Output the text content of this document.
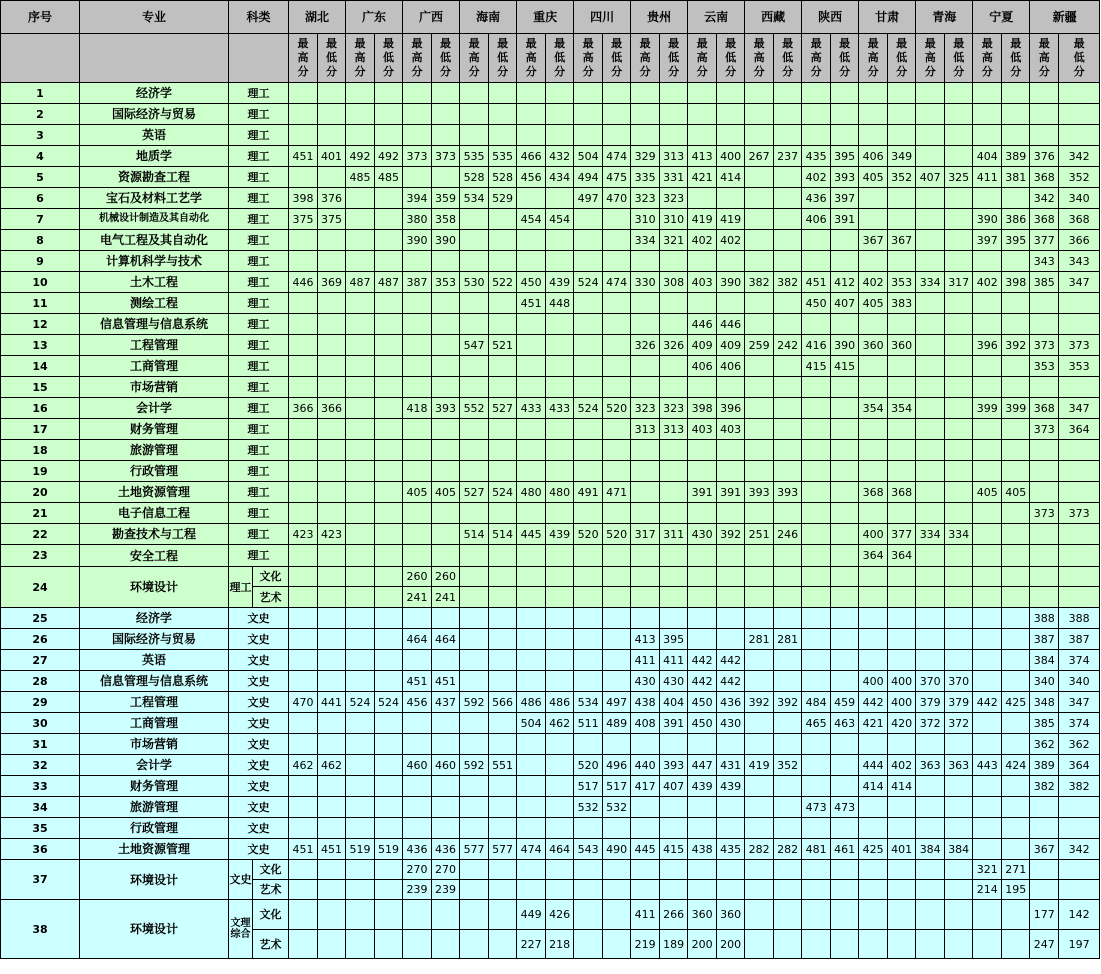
序号	专业	科类		湖北		广东		广西		海南		重庆		四川		贵州		云南		西藏		陕西		甘肃		青海		宁夏		新疆	
				最
高
分	最
低
分	最
高
分	最
低
分	最
高
分	最
低
分	最
高
分	最
低
分	最
高
分	最
低
分	最
高
分	最
低
分	最
高
分	最
低
分	最
高
分	最
低
分	最
高
分	最
低
分	最
高
分	最
低
分	最
高
分	最
低
分	最
高
分	最
低
分	最
高
分	最
低
分	最
高
分	最
低
分
1	经济学	理工																													
2	国际经济与贸易	理工																													
3	英语	理工																													
4	地质学	理工		451	401	492	492	373	373	535	535	466	432	504	474	329	313	413	400	267	237	435	395	406	349			404	389	376	342
5	资源勘查工程	理工				485	485			528	528	456	434	494	475	335	331	421	414			402	393	405	352	407	325	411	381	368	352
6	宝石及材料工艺学	理工		398	376			394	359	534	529			497	470	323	323					436	397							342	340
7	机械设计制造及其自动化	理工		375	375			380	358			454	454			310	310	419	419			406	391					390	386	368	368
8	电气工程及其自动化	理工						390	390							334	321	402	402					367	367			397	395	377	366
9	计算机科学与技术	理工																												343	343
10	土木工程	理工		446	369	487	487	387	353	530	522	450	439	524	474	330	308	403	390	382	382	451	412	402	353	334	317	402	398	385	347
11	测绘工程	理工										451	448									450	407	405	383						
12	信息管理与信息系统	理工																446	446												
13	工程管理	理工								547	521					326	326	409	409	259	242	416	390	360	360			396	392	373	373
14	工商管理	理工																406	406			415	415							353	353
15	市场营销	理工																													
16	会计学	理工		366	366			418	393	552	527	433	433	524	520	323	323	398	396					354	354			399	399	368	347
17	财务管理	理工														313	313	403	403											373	364
18	旅游管理	理工																													
19	行政管理	理工																													
20	土地资源管理	理工						405	405	527	524	480	480	491	471			391	391	393	393			368	368			405	405		
21	电子信息工程	理工																												373	373
22	勘查技术与工程	理工		423	423					514	514	445	439	520	520	317	311	430	392	251	246			400	377	334	334				
23	安全工程	理工																						364	364						
24	环境设计	理工	文化					260	260																						
			艺术					241	241																						
25	经济学	文史																												388	388
26	国际经济与贸易	文史						464	464							413	395			281	281									387	387
27	英语	文史														411	411	442	442											384	374
28	信息管理与信息系统	文史						451	451							430	430	442	442					400	400	370	370			340	340
29	工程管理	文史		470	441	524	524	456	437	592	566	486	486	534	497	438	404	450	436	392	392	484	459	442	400	379	379	442	425	348	347
30	工商管理	文史										504	462	511	489	408	391	450	430			465	463	421	420	372	372			385	374
31	市场营销	文史																												362	362
32	会计学	文史		462	462			460	460	592	551			520	496	440	393	447	431	419	352			444	402	363	363	443	424	389	364
33	财务管理	文史												517	517	417	407	439	439					414	414					382	382
34	旅游管理	文史												532	532							473	473								
35	行政管理	文史																													
36	土地资源管理	文史		451	451	519	519	436	436	577	577	474	464	543	490	445	415	438	435	282	282	481	461	425	401	384	384			367	342
37	环境设计	文史	文化					270	270																			321	271		
			艺术					239	239																			214	195		
38	环境设计	文理综合	文化									449	426			411	266	360	360											177	142
			艺术									227	218			219	189	200	200											247	197
